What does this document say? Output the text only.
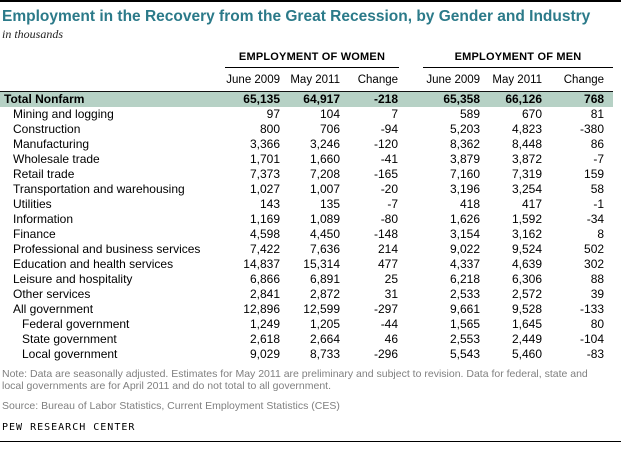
Employment in the Recovery from the Great Recession, by Gender and Industry
in thousands

	EMPLOYMENT OF WOMEN			EMPLOYMENT OF MEN		

	June 2009	May 2011	Change	June 2009	May 2011	Change
Total Nonfarm	65,135	64,917	-218	65,358	66,126	768
Mining and logging	97	104	7	589	670	81
Construction	800	706	-94	5,203	4,823	-380
Manufacturing	3,366	3,246	-120	8,362	8,448	86
Wholesale trade	1,701	1,660	-41	3,879	3,872	-7
Retail trade	7,373	7,208	-165	7,160	7,319	159
Transportation and warehousing	1,027	1,007	-20	3,196	3,254	58
Utilities	143	135	-7	418	417	-1
Information	1,169	1,089	-80	1,626	1,592	-34
Finance	4,598	4,450	-148	3,154	3,162	8
Professional and business services	7,422	7,636	214	9,022	9,524	502
Education and health services	14,837	15,314	477	4,337	4,639	302
Leisure and hospitality	6,866	6,891	25	6,218	6,306	88
Other services	2,841	2,872	31	2,533	2,572	39
All government	12,896	12,599	-297	9,661	9,528	-133
Federal government	1,249	1,205	-44	1,565	1,645	80
State government	2,618	2,664	46	2,553	2,449	-104
Local government	9,029	8,733	-296	5,543	5,460	-83

Note: Data are seasonally adjusted. Estimates for May 2011 are preliminary and subject to revision. Data for federal, state and local governments are for April 2011 and do not total to all government.

Source: Bureau of Labor Statistics, Current Employment Statistics (CES)

PEW RESEARCH CENTER
